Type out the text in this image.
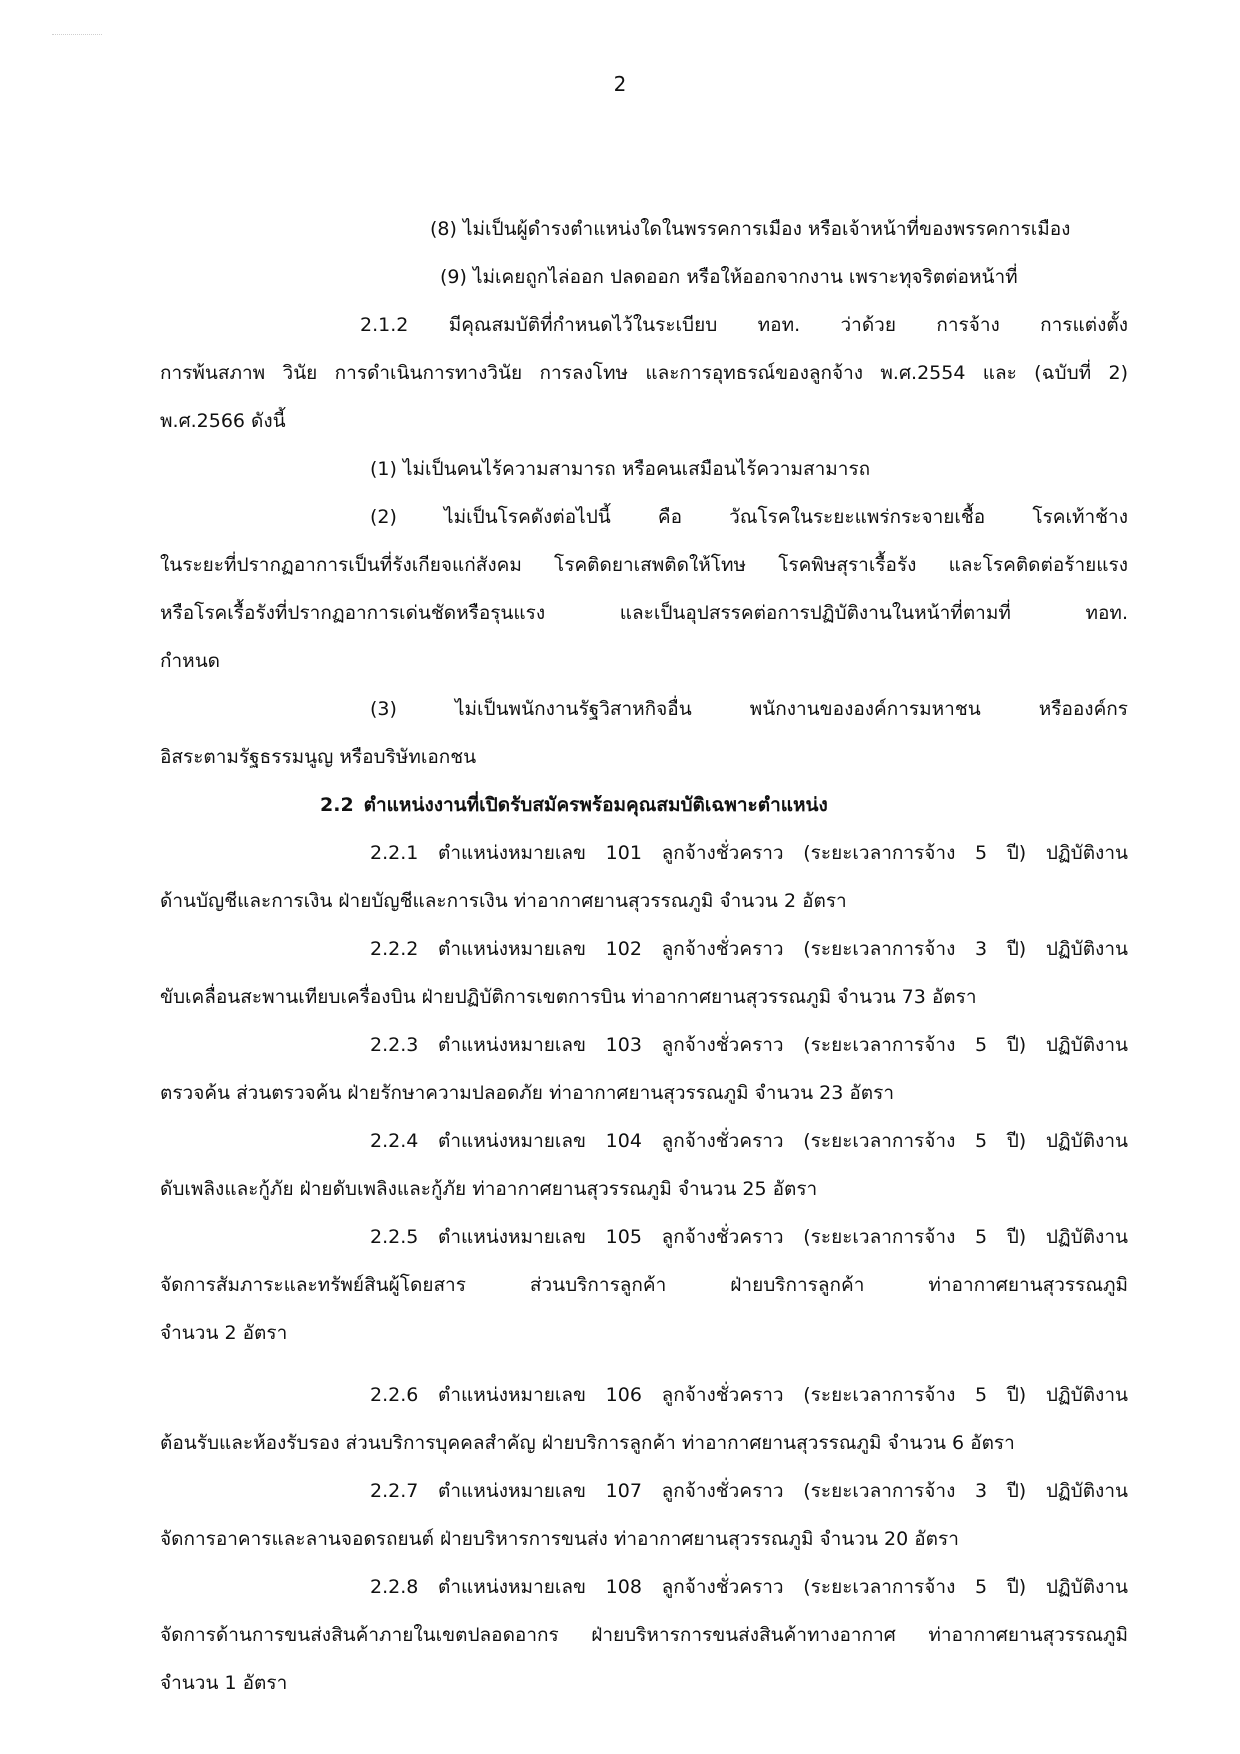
2
(8) ไม่เป็นผู้ดำรงตำแหน่งใดในพรรคการเมือง หรือเจ้าหน้าที่ของพรรคการเมือง
(9) ไม่เคยถูกไล่ออก ปลดออก หรือให้ออกจากงาน เพราะทุจริตต่อหน้าที่
2.1.2 มีคุณสมบัติที่กำหนดไว้ในระเบียบ ทอท. ว่าด้วย การจ้าง การแต่งตั้ง
การพ้นสภาพ วินัย การดำเนินการทางวินัย การลงโทษ และการอุทธรณ์ของลูกจ้าง พ.ศ.2554 และ (ฉบับที่ 2)
พ.ศ.2566 ดังนี้
(1) ไม่เป็นคนไร้ความสามารถ หรือคนเสมือนไร้ความสามารถ
(2) ไม่เป็นโรคดังต่อไปนี้ คือ วัณโรคในระยะแพร่กระจายเชื้อ โรคเท้าช้าง
ในระยะที่ปรากฏอาการเป็นที่รังเกียจแก่สังคม โรคติดยาเสพติดให้โทษ โรคพิษสุราเรื้อรัง และโรคติดต่อร้ายแรง
หรือโรคเรื้อรังที่ปรากฏอาการเด่นชัดหรือรุนแรง และเป็นอุปสรรคต่อการปฏิบัติงานในหน้าที่ตามที่ ทอท.
กำหนด
(3) ไม่เป็นพนักงานรัฐวิสาหกิจอื่น พนักงานขององค์การมหาชน หรือองค์กร
อิสระตามรัฐธรรมนูญ หรือบริษัทเอกชน
2.2 ตำแหน่งงานที่เปิดรับสมัครพร้อมคุณสมบัติเฉพาะตำแหน่ง
2.2.1 ตำแหน่งหมายเลข 101 ลูกจ้างชั่วคราว (ระยะเวลาการจ้าง 5 ปี) ปฏิบัติงาน
ด้านบัญชีและการเงิน ฝ่ายบัญชีและการเงิน ท่าอากาศยานสุวรรณภูมิ จำนวน 2 อัตรา
2.2.2 ตำแหน่งหมายเลข 102 ลูกจ้างชั่วคราว (ระยะเวลาการจ้าง 3 ปี) ปฏิบัติงาน
ขับเคลื่อนสะพานเทียบเครื่องบิน ฝ่ายปฏิบัติการเขตการบิน ท่าอากาศยานสุวรรณภูมิ จำนวน 73 อัตรา
2.2.3 ตำแหน่งหมายเลข 103 ลูกจ้างชั่วคราว (ระยะเวลาการจ้าง 5 ปี) ปฏิบัติงาน
ตรวจค้น ส่วนตรวจค้น ฝ่ายรักษาความปลอดภัย ท่าอากาศยานสุวรรณภูมิ จำนวน 23 อัตรา
2.2.4 ตำแหน่งหมายเลข 104 ลูกจ้างชั่วคราว (ระยะเวลาการจ้าง 5 ปี) ปฏิบัติงาน
ดับเพลิงและกู้ภัย ฝ่ายดับเพลิงและกู้ภัย ท่าอากาศยานสุวรรณภูมิ จำนวน 25 อัตรา
2.2.5 ตำแหน่งหมายเลข 105 ลูกจ้างชั่วคราว (ระยะเวลาการจ้าง 5 ปี) ปฏิบัติงาน
จัดการสัมภาระและทรัพย์สินผู้โดยสาร ส่วนบริการลูกค้า ฝ่ายบริการลูกค้า ท่าอากาศยานสุวรรณภูมิ
จำนวน 2 อัตรา
2.2.6 ตำแหน่งหมายเลข 106 ลูกจ้างชั่วคราว (ระยะเวลาการจ้าง 5 ปี) ปฏิบัติงาน
ต้อนรับและห้องรับรอง ส่วนบริการบุคคลสำคัญ ฝ่ายบริการลูกค้า ท่าอากาศยานสุวรรณภูมิ จำนวน 6 อัตรา
2.2.7 ตำแหน่งหมายเลข 107 ลูกจ้างชั่วคราว (ระยะเวลาการจ้าง 3 ปี) ปฏิบัติงาน
จัดการอาคารและลานจอดรถยนต์ ฝ่ายบริหารการขนส่ง ท่าอากาศยานสุวรรณภูมิ จำนวน 20 อัตรา
2.2.8 ตำแหน่งหมายเลข 108 ลูกจ้างชั่วคราว (ระยะเวลาการจ้าง 5 ปี) ปฏิบัติงาน
จัดการด้านการขนส่งสินค้าภายในเขตปลอดอากร ฝ่ายบริหารการขนส่งสินค้าทางอากาศ ท่าอากาศยานสุวรรณภูมิ
จำนวน 1 อัตรา
